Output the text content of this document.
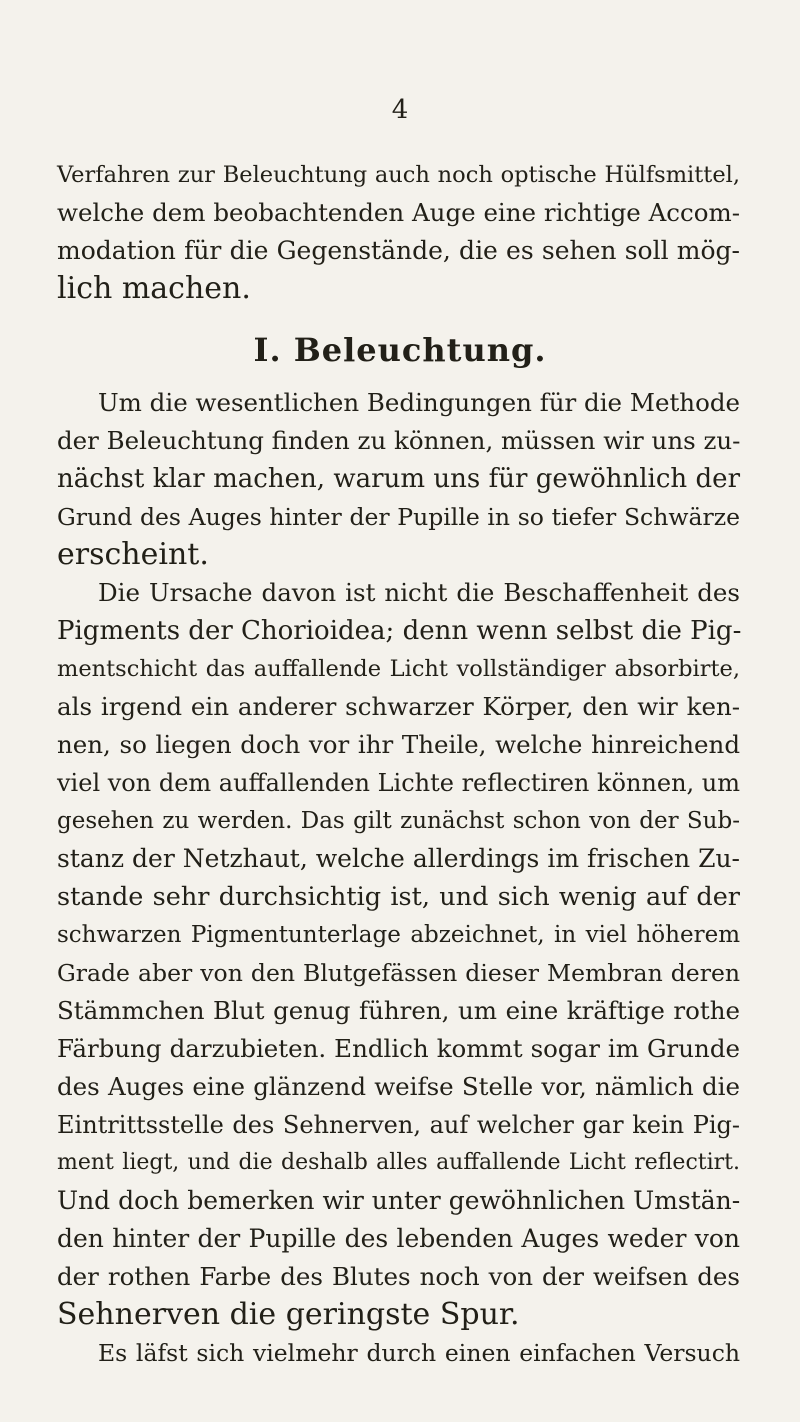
4
Verfahren zur Beleuchtung auch noch optische Hülfsmittel,
welche dem beobachtenden Auge eine richtige Accom-
modation für die Gegenstände, die es sehen soll mög-
lich machen.
I. Beleuchtung.
Um die wesentlichen Bedingungen für die Methode
der Beleuchtung finden zu können, müssen wir uns zu-
nächst klar machen, warum uns für gewöhnlich der
Grund des Auges hinter der Pupille in so tiefer Schwärze
erscheint.
Die Ursache davon ist nicht die Beschaffenheit des
Pigments der Chorioidea; denn wenn selbst die Pig-
mentschicht das auffallende Licht vollständiger absorbirte,
als irgend ein anderer schwarzer Körper, den wir ken-
nen, so liegen doch vor ihr Theile, welche hinreichend
viel von dem auffallenden Lichte reflectiren können, um
gesehen zu werden. Das gilt zunächst schon von der Sub-
stanz der Netzhaut, welche allerdings im frischen Zu-
stande sehr durchsichtig ist, und sich wenig auf der
schwarzen Pigmentunterlage abzeichnet, in viel höherem
Grade aber von den Blutgefässen dieser Membran deren
Stämmchen Blut genug führen, um eine kräftige rothe
Färbung darzubieten. Endlich kommt sogar im Grunde
des Auges eine glänzend weifse Stelle vor, nämlich die
Eintrittsstelle des Sehnerven, auf welcher gar kein Pig-
ment liegt, und die deshalb alles auffallende Licht reflectirt.
Und doch bemerken wir unter gewöhnlichen Umstän-
den hinter der Pupille des lebenden Auges weder von
der rothen Farbe des Blutes noch von der weifsen des
Sehnerven die geringste Spur.
Es läfst sich vielmehr durch einen einfachen Versuch
